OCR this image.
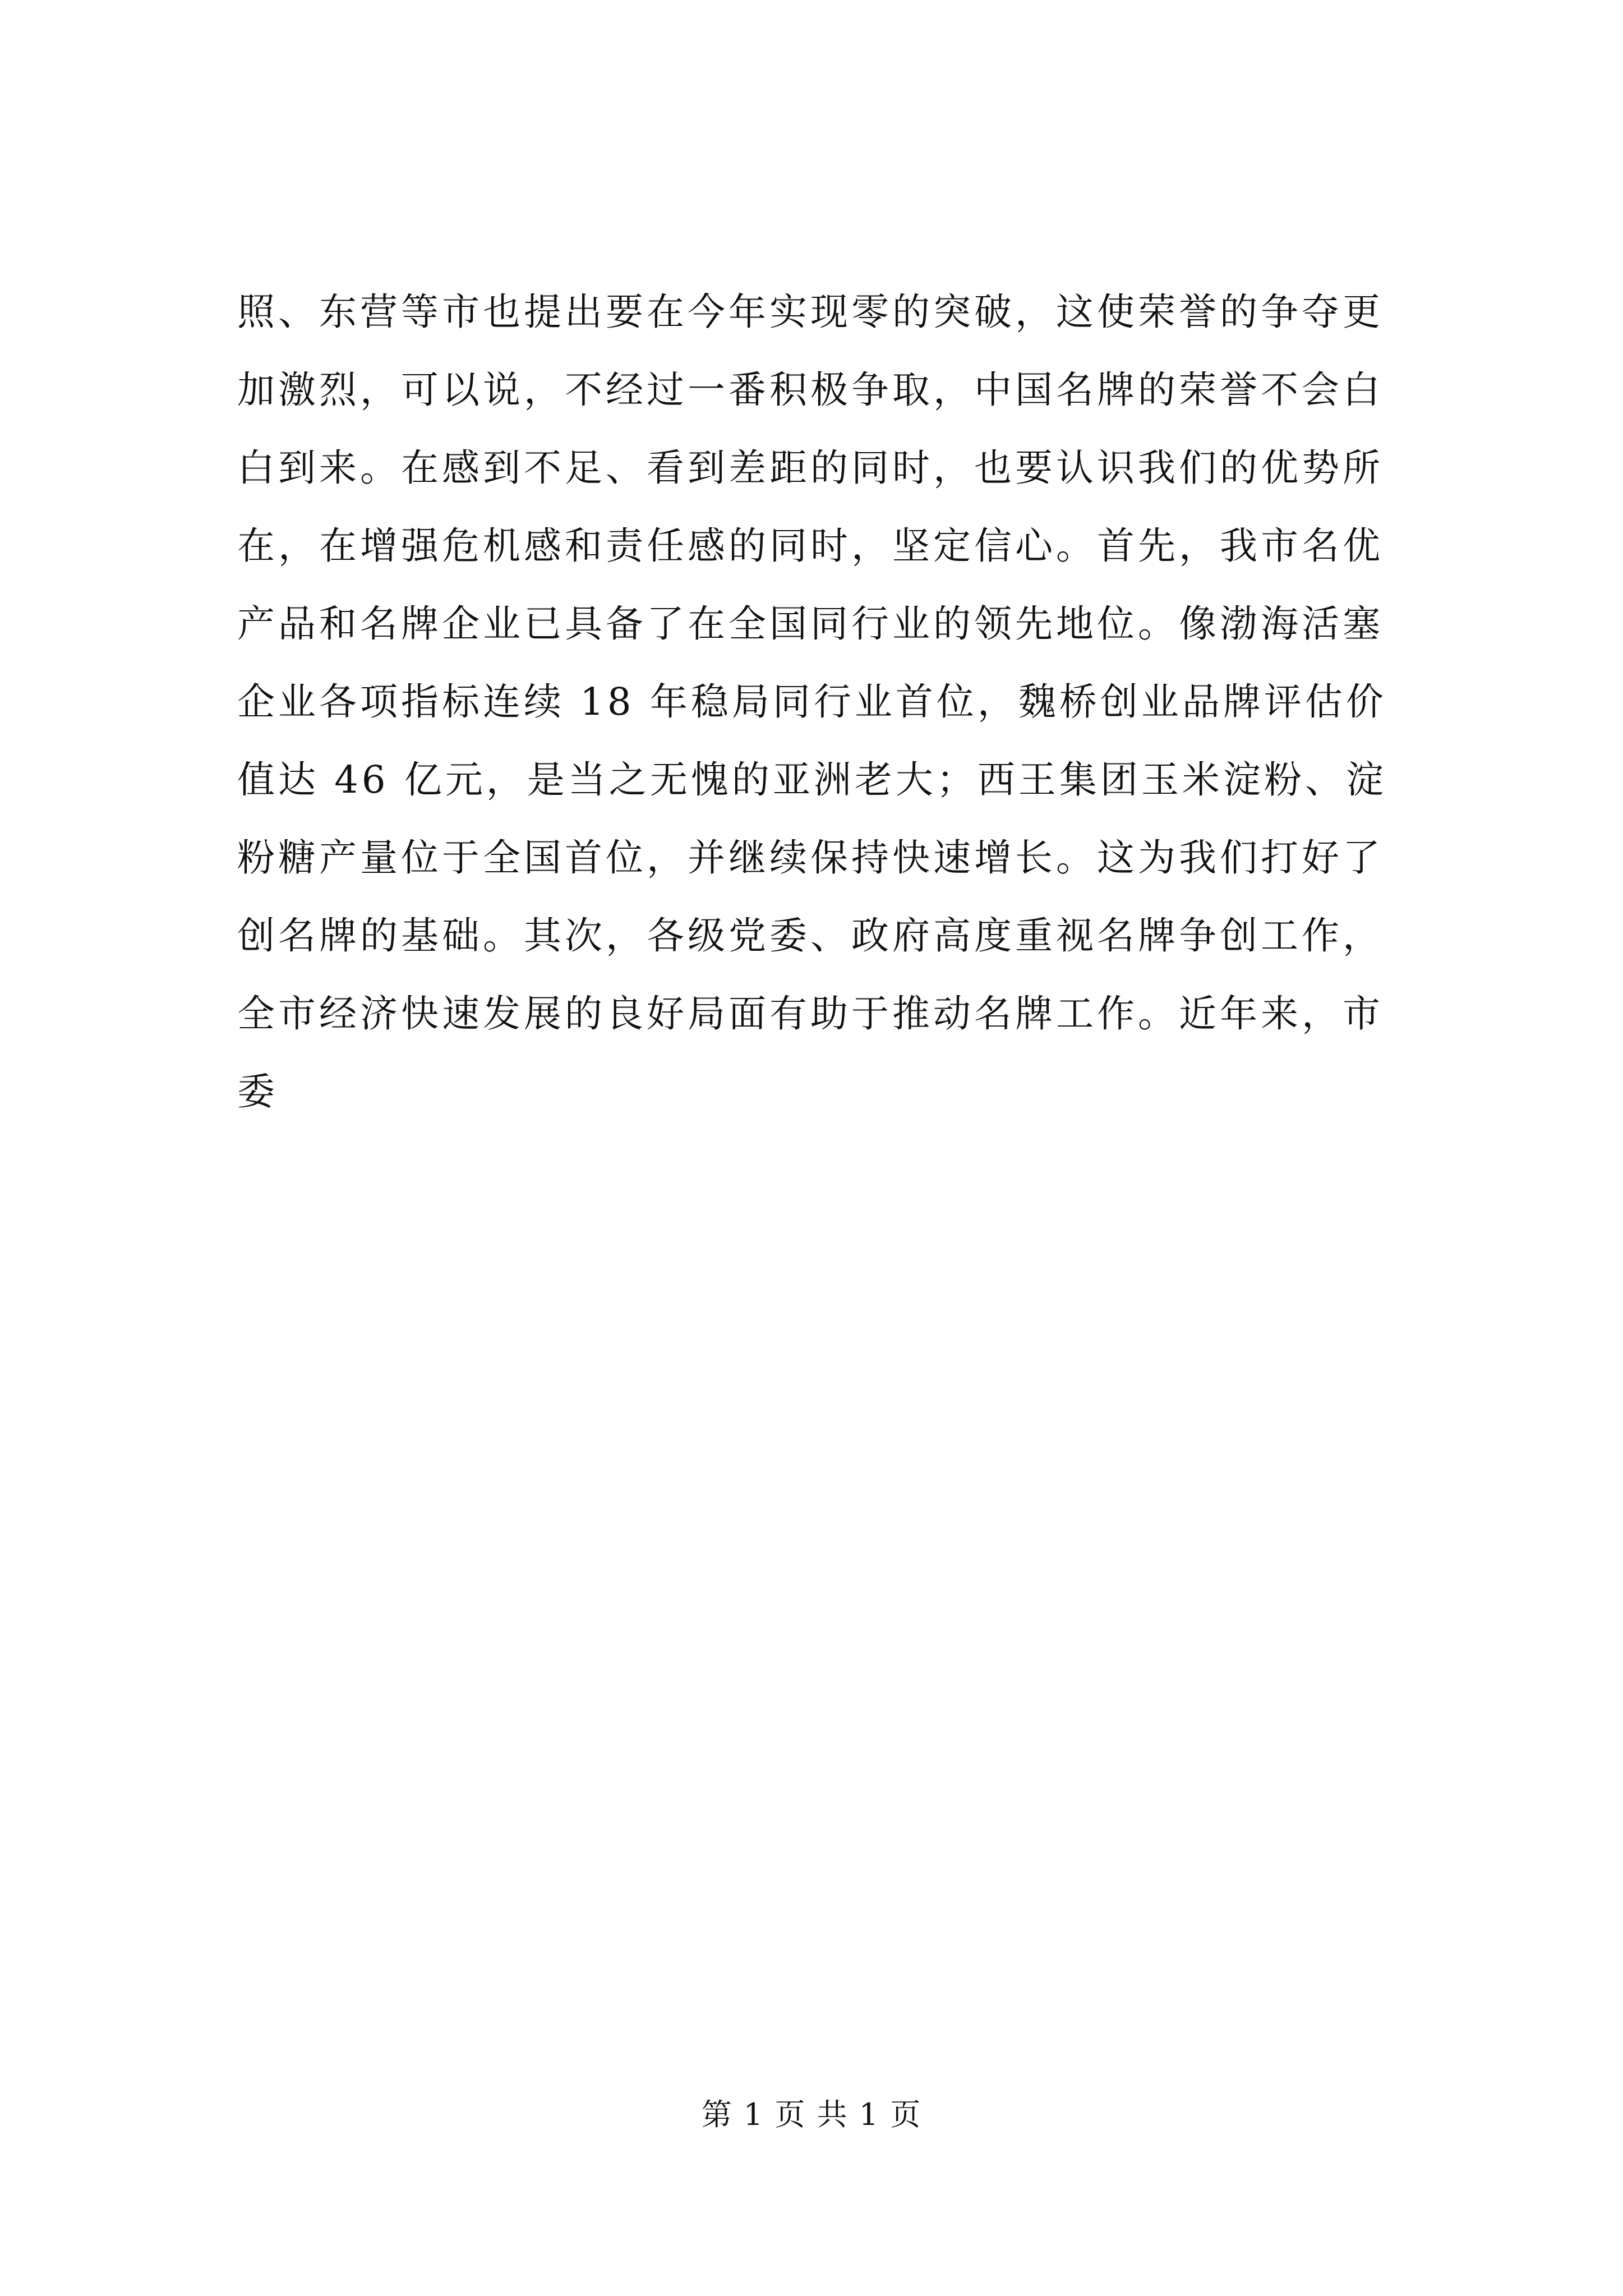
照、东营等市也提出要在今年实现零的突破，这使荣誉的争夺更
加激烈，可以说，不经过一番积极争取，中国名牌的荣誉不会白
白到来。在感到不足、看到差距的同时，也要认识我们的优势所
在，在增强危机感和责任感的同时，坚定信心。首先，我市名优
产品和名牌企业已具备了在全国同行业的领先地位。像渤海活塞
企业各项指标连续 18 年稳局同行业首位，魏桥创业品牌评估价
值达 46 亿元，是当之无愧的亚洲老大；西王集团玉米淀粉、淀
粉糖产量位于全国首位，并继续保持快速增长。这为我们打好了
创名牌的基础。其次，各级党委、政府高度重视名牌争创工作，
全市经济快速发展的良好局面有助于推动名牌工作。近年来，市
委
第 1 页 共 1 页
